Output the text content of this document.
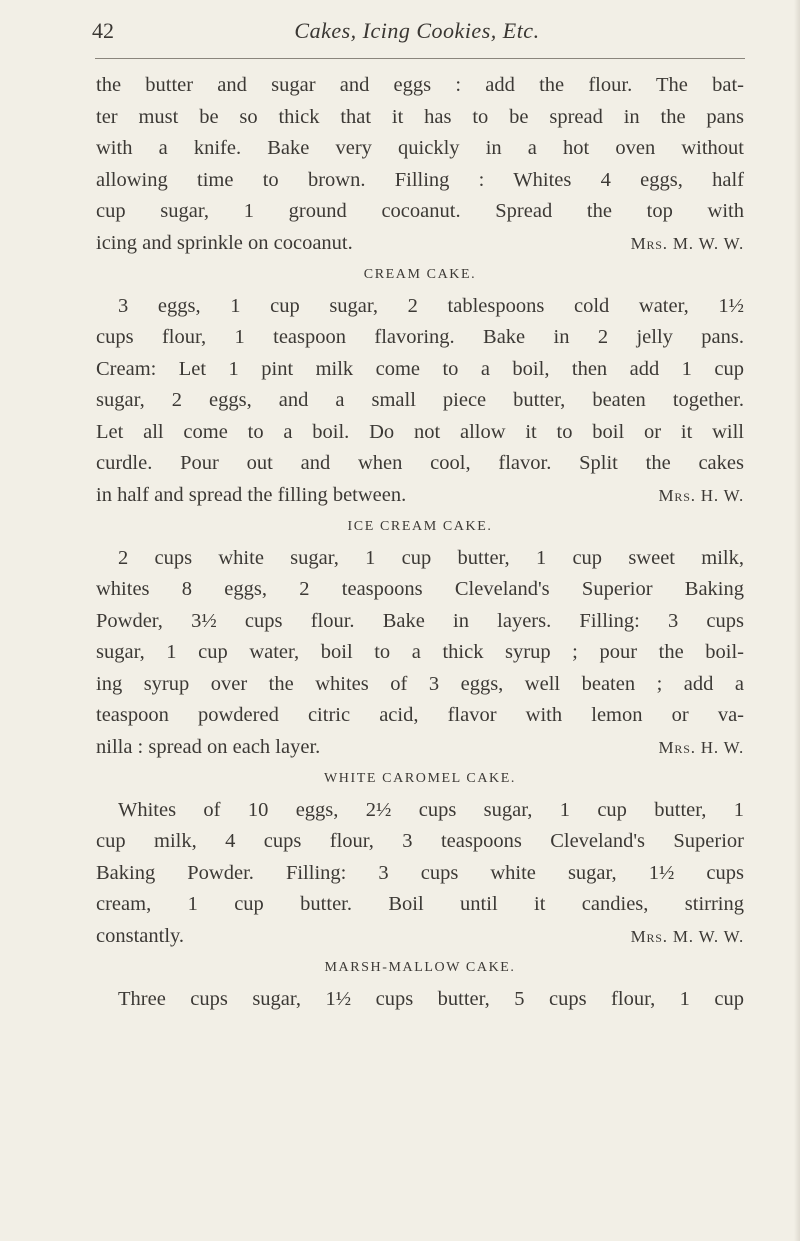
42	Cakes, Icing Cookies, Etc.
the butter and sugar and eggs : add the flour. The bat-
ter must be so thick that it has to be spread in the pans
with a knife. Bake very quickly in a hot oven without
allowing time to brown. Filling : Whites 4 eggs, half
cup sugar, 1 ground cocoanut. Spread the top with
icing and sprinkle on cocoanut.	Mrs. M. W. W.
CREAM CAKE.
3 eggs, 1 cup sugar, 2 tablespoons cold water, 1½
cups flour, 1 teaspoon flavoring. Bake in 2 jelly pans.
Cream: Let 1 pint milk come to a boil, then add 1 cup
sugar, 2 eggs, and a small piece butter, beaten together.
Let all come to a boil. Do not allow it to boil or it will
curdle. Pour out and when cool, flavor. Split the cakes
in half and spread the filling between.	Mrs. H. W.
ICE CREAM CAKE.
2 cups white sugar, 1 cup butter, 1 cup sweet milk,
whites 8 eggs, 2 teaspoons Cleveland's Superior Baking
Powder, 3½ cups flour. Bake in layers. Filling: 3 cups
sugar, 1 cup water, boil to a thick syrup ; pour the boil-
ing syrup over the whites of 3 eggs, well beaten ; add a
teaspoon powdered citric acid, flavor with lemon or va-
nilla : spread on each layer.	Mrs. H. W.
WHITE CAROMEL CAKE.
Whites of 10 eggs, 2½ cups sugar, 1 cup butter, 1
cup milk, 4 cups flour, 3 teaspoons Cleveland's Superior
Baking Powder. Filling: 3 cups white sugar, 1½ cups
cream, 1 cup butter. Boil until it candies, stirring
constantly.	Mrs. M. W. W.
MARSH-MALLOW CAKE.
Three cups sugar, 1½ cups butter, 5 cups flour, 1 cup
